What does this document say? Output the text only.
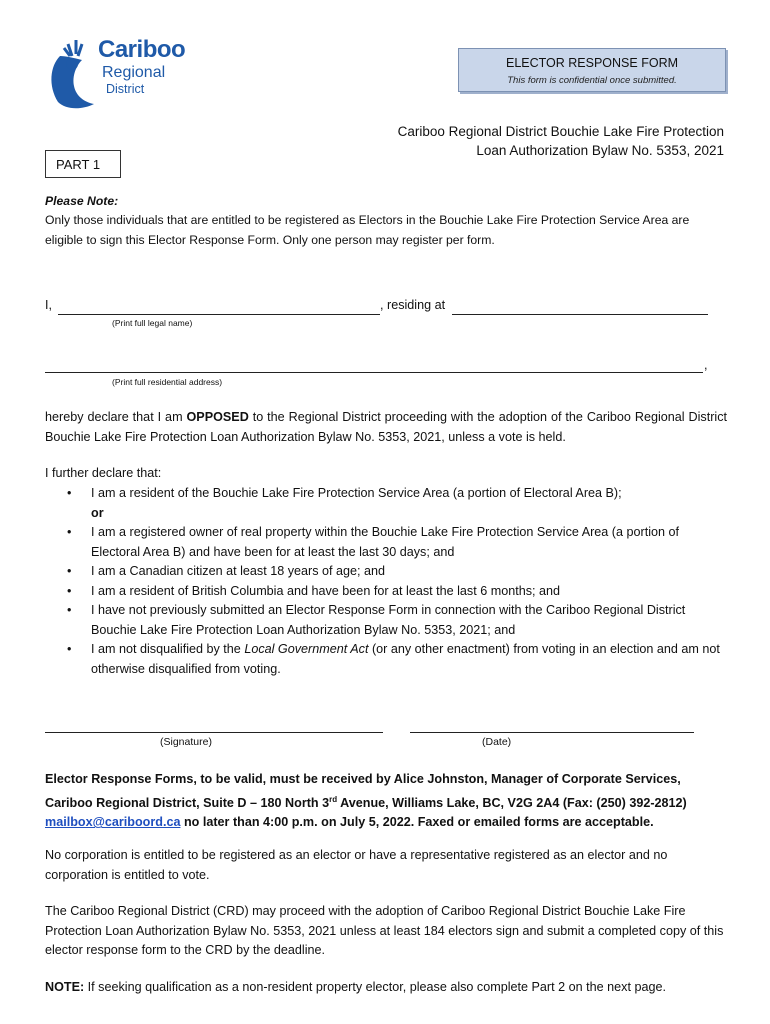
Cariboo
Regional
District
ELECTOR RESPONSE FORM
This form is confidential once submitted.
Cariboo Regional District Bouchie Lake Fire Protection
Loan Authorization Bylaw No. 5353, 2021
PART 1
Please Note:
Only those individuals that are entitled to be registered as Electors in the Bouchie Lake Fire Protection Service Area are
eligible to sign this Elector Response Form. Only one person may register per form.
I,	, residing at
(Print full legal name)
,
(Print full residential address)
hereby declare that I am OPPOSED to the Regional District proceeding with the adoption of the Cariboo Regional District Bouchie Lake Fire Protection Loan Authorization Bylaw No. 5353, 2021, unless a vote is held.
I further declare that:
• I am a resident of the Bouchie Lake Fire Protection Service Area (a portion of Electoral Area B);
or
• I am a registered owner of real property within the Bouchie Lake Fire Protection Service Area (a portion of Electoral Area B) and have been for at least the last 30 days; and
• I am a Canadian citizen at least 18 years of age; and
• I am a resident of British Columbia and have been for at least the last 6 months; and
• I have not previously submitted an Elector Response Form in connection with the Cariboo Regional District Bouchie Lake Fire Protection Loan Authorization Bylaw No. 5353, 2021; and
• I am not disqualified by the Local Government Act (or any other enactment) from voting in an election and am not otherwise disqualified from voting.
(Signature)	(Date)
Elector Response Forms, to be valid, must be received by Alice Johnston, Manager of Corporate Services,
Cariboo Regional District, Suite D – 180 North 3rd Avenue, Williams Lake, BC, V2G 2A4 (Fax: (250) 392-2812)
mailbox@cariboord.ca no later than 4:00 p.m. on July 5, 2022. Faxed or emailed forms are acceptable.
No corporation is entitled to be registered as an elector or have a representative registered as an elector and no corporation is entitled to vote.
The Cariboo Regional District (CRD) may proceed with the adoption of Cariboo Regional District Bouchie Lake Fire Protection Loan Authorization Bylaw No. 5353, 2021 unless at least 184 electors sign and submit a completed copy of this elector response form to the CRD by the deadline.
NOTE: If seeking qualification as a non-resident property elector, please also complete Part 2 on the next page.
